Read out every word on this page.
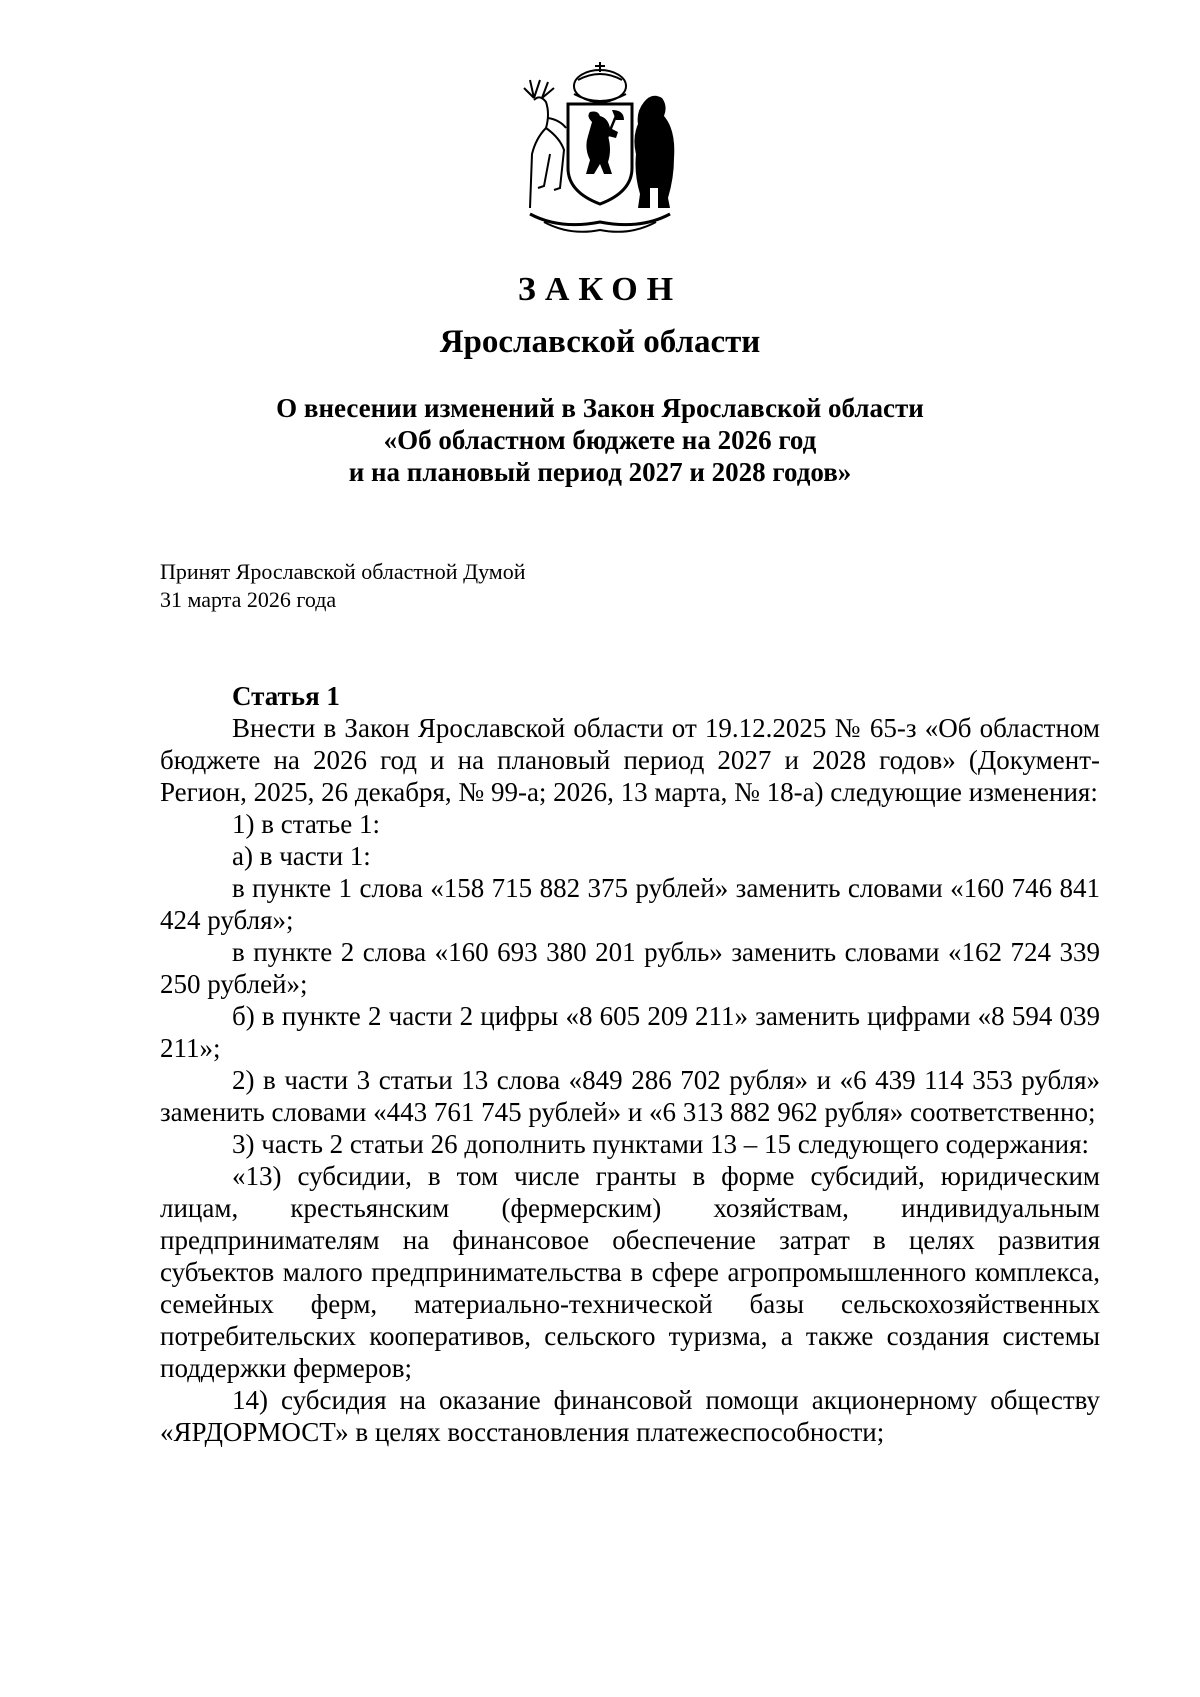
ЗАКОН
Ярославской области
О внесении изменений в Закон Ярославской области
«Об областном бюджете на 2026 год
и на плановый период 2027 и 2028 годов»
Принят Ярославской областной Думой
31 марта 2026 года
Статья 1

Внести в Закон Ярославской области от 19.12.2025 № 65-з «Об областном бюджете на 2026 год и на плановый период 2027 и 2028 годов» (Документ-Регион, 2025, 26 декабря, № 99-а; 2026, 13 марта, № 18-а) следующие изменения:

1) в статье 1:

а) в части 1:

в пункте 1 слова «158 715 882 375 рублей» заменить словами «160 746 841 424 рубля»;

в пункте 2 слова «160 693 380 201 рубль» заменить словами «162 724 339 250 рублей»;

б) в пункте 2 части 2 цифры «8 605 209 211» заменить цифрами «8 594 039 211»;

2) в части 3 статьи 13 слова «849 286 702 рубля» и «6 439 114 353 рубля» заменить словами «443 761 745 рублей» и «6 313 882 962 рубля» соответственно;

3) часть 2 статьи 26 дополнить пунктами 13 – 15 следующего содержания:

«13) субсидии, в том числе гранты в форме субсидий, юридическим лицам, крестьянским (фермерским) хозяйствам, индивидуальным предпринимателям на финансовое обеспечение затрат в целях развития субъектов малого предпринимательства в сфере агропромышленного комплекса, семейных ферм, материально-технической базы сельскохозяйственных потребительских кооперативов, сельского туризма, а также создания системы поддержки фермеров;

14) субсидия на оказание финансовой помощи акционерному обществу «ЯРДОРМОСТ» в целях восстановления платежеспособности;
